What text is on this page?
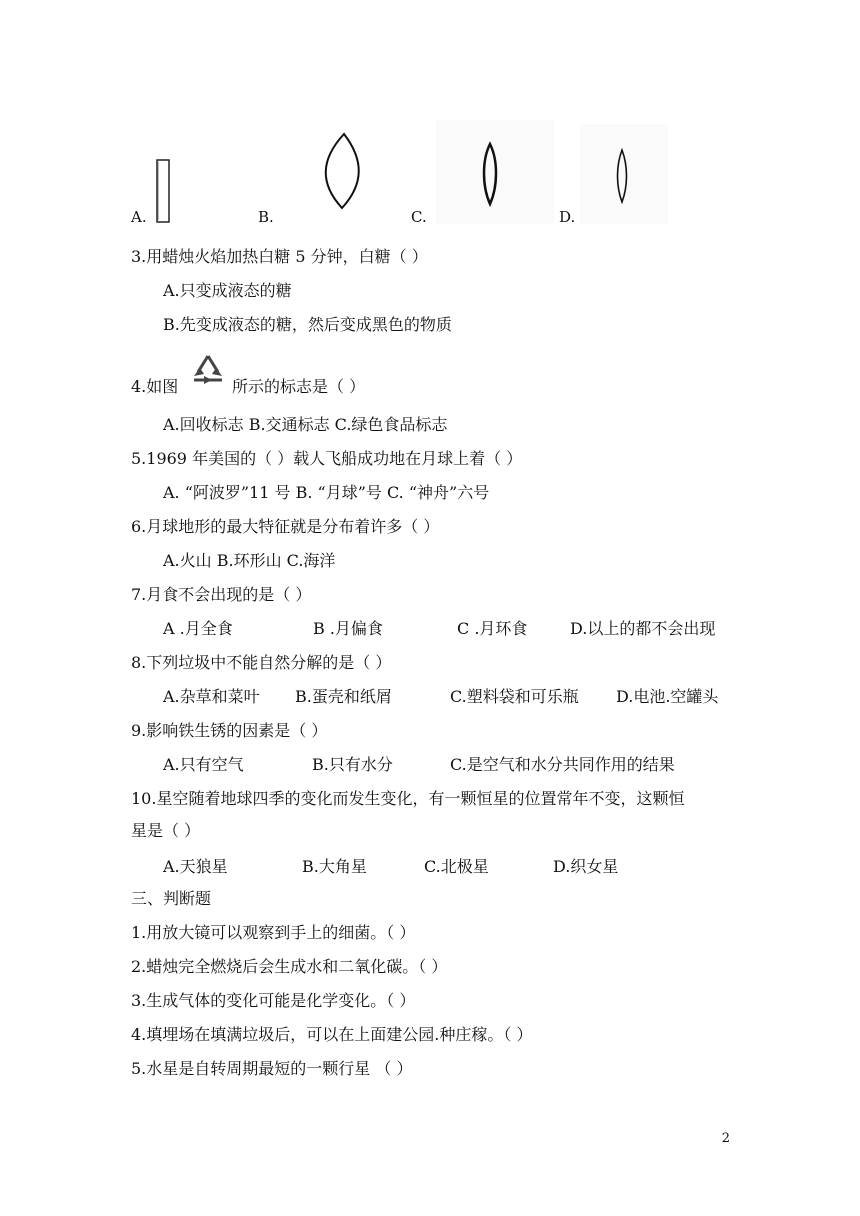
A.	B.	C.	D.
3.用蜡烛火焰加热白糖 5 分钟，白糖（ ）
A.只变成液态的糖
B.先变成液态的糖，然后变成黑色的物质
4.如图	所示的标志是（ ）
A.回收标志 B.交通标志 C.绿色食品标志
5.1969 年美国的（ ）载人飞船成功地在月球上着（ ）
A. “阿波罗”11 号 B. “月球”号 C. “神舟”六号
6.月球地形的最大特征就是分布着许多（ ）
A.火山 B.环形山 C.海洋
7.月食不会出现的是（ ）
A .月全食	B .月偏食	C .月环食	D.以上的都不会出现
8.下列垃圾中不能自然分解的是（ ）
A.杂草和菜叶 B.蛋壳和纸屑	C.塑料袋和可乐瓶 D.电池.空罐头
9.影响铁生锈的因素是（ ）
A.只有空气	B.只有水分	C.是空气和水分共同作用的结果
10.星空随着地球四季的变化而发生变化，有一颗恒星的位置常年不变，这颗恒
星是（ ）
A.天狼星	B.大角星	C.北极星	D.织女星
三、判断题
1.用放大镜可以观察到手上的细菌。（ ）
2.蜡烛完全燃烧后会生成水和二氧化碳。（ ）
3.生成气体的变化可能是化学变化。（ ）
4.填埋场在填满垃圾后，可以在上面建公园.种庄稼。（ ）
5.水星是自转周期最短的一颗行星 （ ）
2
